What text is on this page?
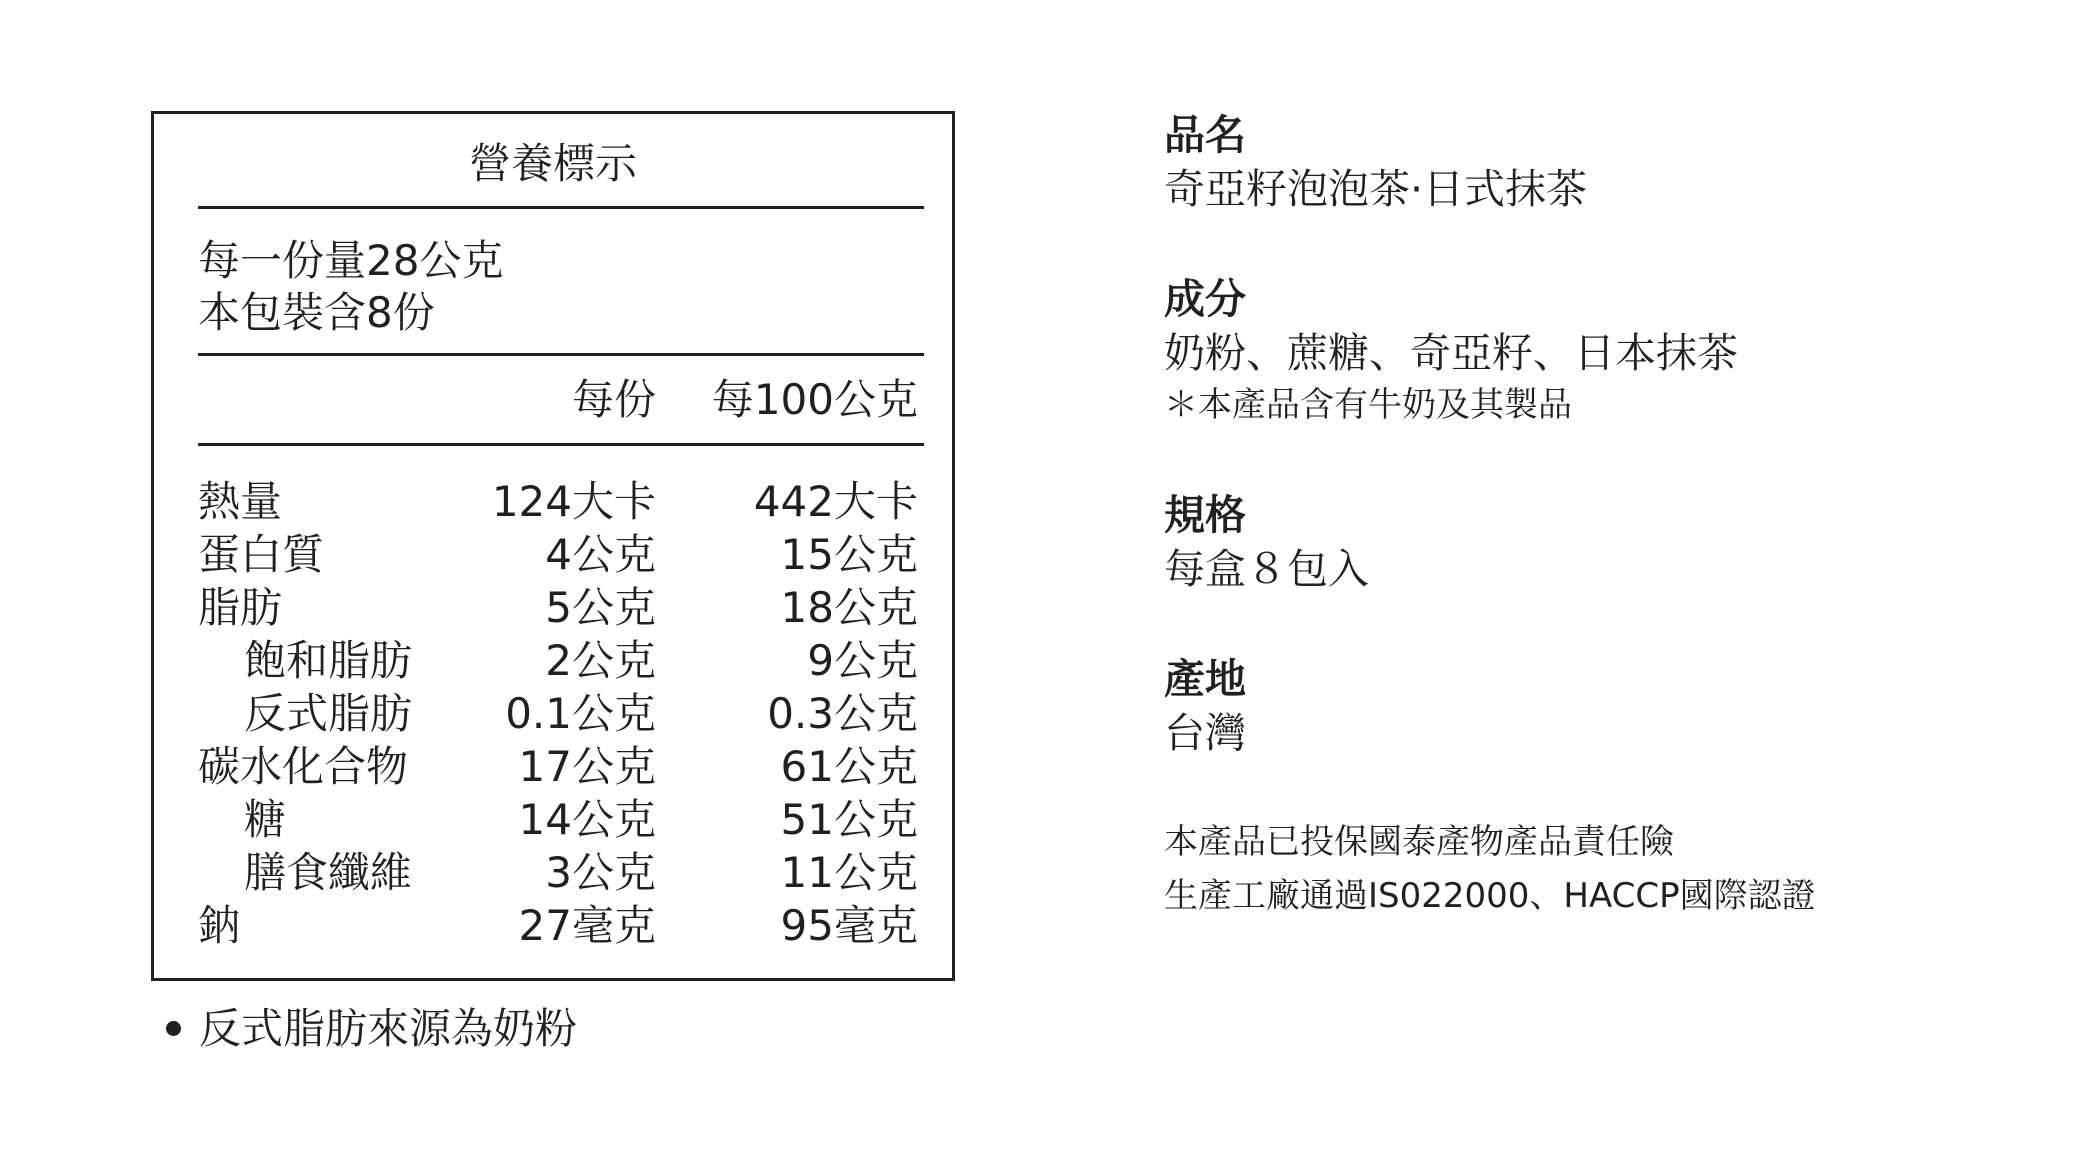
營養標示
每一份量28公克
本包裝含8份
每份 每100公克
熱量	124大卡 442大卡
蛋白質	4公克	15公克
脂肪	5公克	18公克
飽和脂肪	2公克	9公克
反式脂肪 0.1公克	0.3公克
碳水化合物	17公克	61公克
糖	14公克	51公克
膳食纖維	3公克	11公克
鈉	27毫克	95毫克
反式脂肪來源為奶粉
品名
奇亞籽泡泡茶·日式抹茶
成分
奶粉、蔗糖、奇亞籽、日本抹茶
＊本產品含有牛奶及其製品
規格
每盒８包入
產地
台灣
本產品已投保國泰產物產品責任險
生產工廠通過IS022000、HACCP國際認證
